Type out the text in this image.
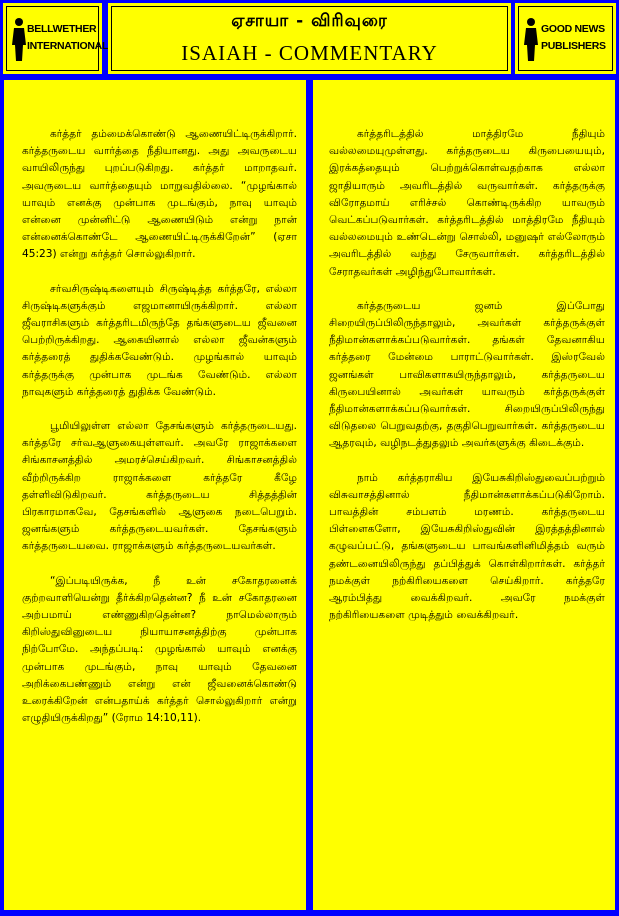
BELLWETHER
INTERNATIONAL
ஏசாயா - விரிவுரை
ISAIAH - COMMENTARY
GOOD NEWS
PUBLISHERS

கர்த்தர் தம்மைக்கொண்டு ஆணையிட்டிருக்கிறார். கர்த்தருடைய வார்த்தை நீதியானது. அது அவருடைய வாயிலிருந்து புறப்படுகிறது. கர்த்தர் மாறாதவர். அவருடைய வார்த்தையும் மாறுவதில்லை. “முழங்கால் யாவும் எனக்கு முன்பாக முடங்கும், நாவு யாவும் என்னை முன்னிட்டு ஆணையிடும் என்று நான் என்னைக்கொண்டே ஆணையிட்டிருக்கிறேன்” (ஏசா 45:23) என்று கர்த்தர் சொல்லுகிறார்.

சர்வசிருஷ்டிகளையும் சிருஷ்டித்த கர்த்தரே, எல்லா சிருஷ்டிகளுக்கும் எஜமானாயிருக்கிறார். எல்லா ஜீவராசிகளும் கர்த்தரிடமிருந்தே தங்களுடைய ஜீவனை பெற்றிருக்கிறது. ஆகையினால் எல்லா ஜீவன்களும் கர்த்தரைத் துதிக்கவேண்டும். முழங்கால் யாவும் கர்த்தருக்கு முன்பாக முடங்க வேண்டும். எல்லா நாவுகளும் கர்த்தரைத் துதிக்க வேண்டும்.

பூமியிலுள்ள எல்லா தேசங்களும் கர்த்தருடையது. கர்த்தரே சர்வஆளுகையுள்ளவர். அவரே ராஜாக்களை சிங்காசனத்தில் அமரச்செய்கிறவர். சிங்காசனத்தில் வீற்றிருக்கிற ராஜாக்களை கர்த்தரே கீழே தள்ளிவிடுகிறவர். கர்த்தருடைய சித்தத்தின் பிரகாரமாகவே, தேசங்களில் ஆளுகை நடைபெறும். ஜனங்களும் கர்த்தருடையவர்கள். தேசங்களும் கர்த்தருடையவை. ராஜாக்களும் கர்த்தருடையவர்கள்.

“இப்படியிருக்க, நீ உன் சகோதரனைக் குற்றவாளியென்று தீர்க்கிறதென்ன? நீ உன் சகோதரனை அற்பமாய் எண்ணுகிறதென்ன? நாமெல்லாரும் கிறிஸ்துவினுடைய நியாயாசனத்திற்கு முன்பாக நிற்போமே. அந்தப்படி: முழங்கால் யாவும் எனக்கு முன்பாக முடங்கும், நாவு யாவும் தேவனை அறிக்கைபண்ணும் என்று என் ஜீவனைக்கொண்டு உரைக்கிறேன் என்பதாய்க் கர்த்தர் சொல்லுகிறார் என்று எழுதியிருக்கிறது” (ரோம 14:10,11).

கர்த்தரிடத்தில் மாத்திரமே நீதியும் வல்லமையுமுள்ளது. கர்த்தருடைய கிருபையையும், இரக்கத்தையும் பெற்றுக்கொள்வதற்காக எல்லா ஜாதியாரும் அவரிடத்தில் வருவார்கள். கர்த்தருக்கு விரோதமாய் எரிச்சல் கொண்டிருக்கிற யாவரும் வெட்கப்படுவார்கள். கர்த்தரிடத்தில் மாத்திரமே நீதியும் வல்லமையும் உண்டென்று சொல்லி, மனுஷர் எல்லோரும் அவரிடத்தில் வந்து சேருவார்கள். கர்த்தரிடத்தில் சேராதவர்கள் அழிந்துபோவார்கள்.

கர்த்தருடைய ஜனம் இப்போது சிறையிருப்பிலிருந்தாலும், அவர்கள் கர்த்தருக்குள் நீதிமான்களாக்கப்படுவார்கள். தங்கள் தேவனாகிய கர்த்தரை மேன்மை பாராட்டுவார்கள். இஸ்ரவேல் ஜனங்கள் பாவிகளாகயிருந்தாலும், கர்த்தருடைய கிருபையினால் அவர்கள் யாவரும் கர்த்தருக்குள் நீதிமான்களாக்கப்படுவார்கள். சிறையிருப்பிலிருந்து விடுதலை பெறுவதற்கு, தகுதிபெறுவார்கள். கர்த்தருடைய ஆதரவும், வழிநடத்துதலும் அவர்களுக்கு கிடைக்கும்.

நாம் கர்த்தராகிய இயேசுகிறிஸ்துவைப்பற்றும் விசுவாசத்தினால் நீதிமான்களாக்கப்படுகிறோம். பாவத்தின் சம்பளம் மரணம். கர்த்தருடைய பிள்ளைகளோ, இயேசுகிறிஸ்துவின் இரத்தத்தினால் கழுவப்பட்டு, தங்களுடைய பாவங்களினிமித்தம் வரும் தண்டனையிலிருந்து தப்பித்துக் கொள்கிறார்கள். கர்த்தர் நமக்குள் நற்கிரியைகளை செய்கிறார். கர்த்தரே ஆரம்பித்து வைக்கிறவர். அவரே நமக்குள் நற்கிரியைகளை முடித்தும் வைக்கிறவர்.
